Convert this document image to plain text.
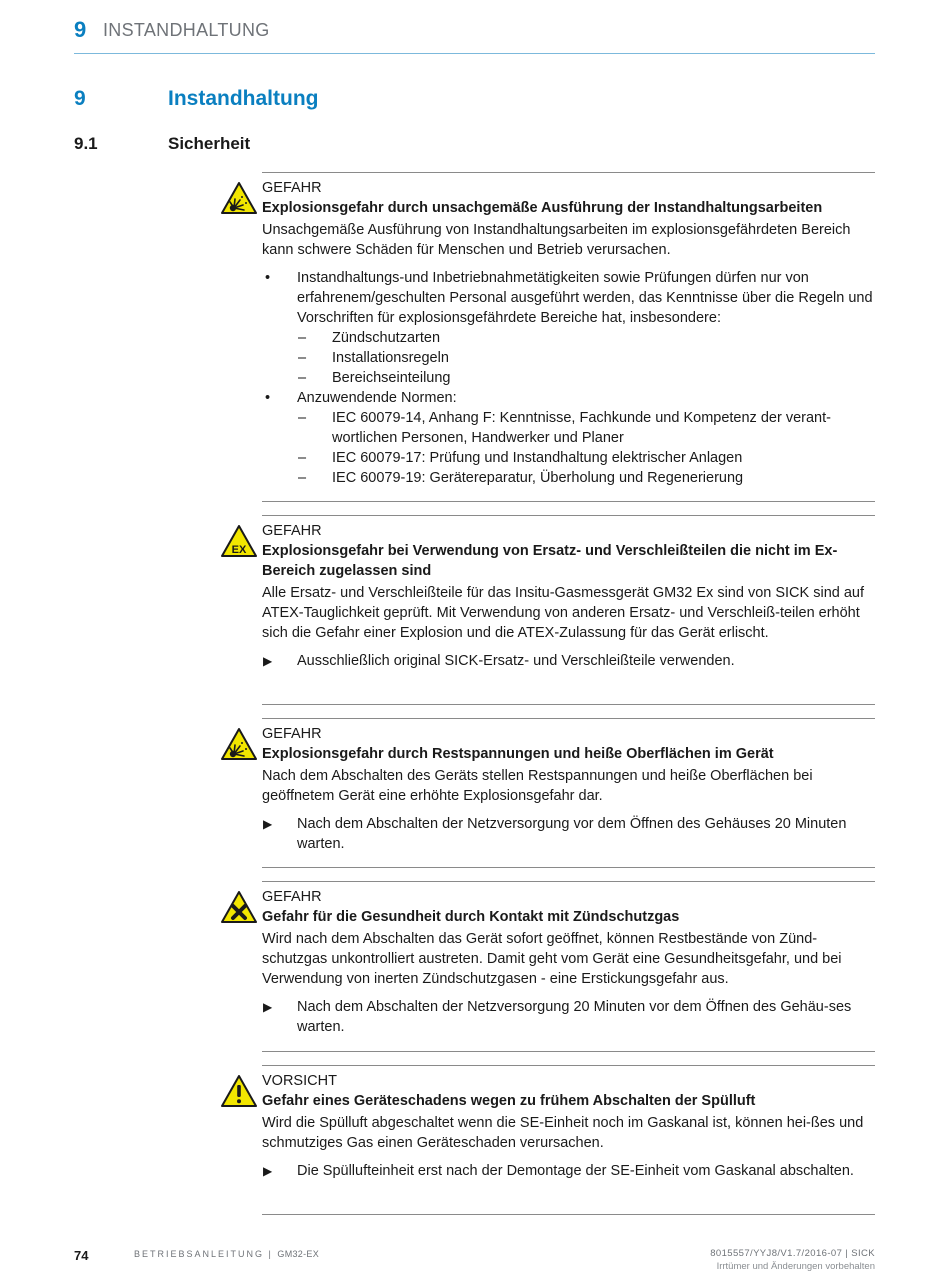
9 INSTANDHALTUNG
9	Instandhaltung
9.1	Sicherheit
GEFAHR
Explosionsgefahr durch unsachgemäße Ausführung der Instandhaltungsarbeiten
Unsachgemäße Ausführung von Instandhaltungsarbeiten im explosionsgefährdeten Bereich kann schwere Schäden für Menschen und Betrieb verursachen.
• Instandhaltungs-und Inbetriebnahmetätigkeiten sowie Prüfungen dürfen nur von erfahrenem/geschulten Personal ausgeführt werden, das Kenntnisse über die Regeln und Vorschriften für explosionsgefährdete Bereiche hat, insbesondere:
– Zündschutzarten
– Installationsregeln
– Bereichseinteilung
• Anzuwendende Normen:
– IEC 60079-14, Anhang F: Kenntnisse, Fachkunde und Kompetenz der verant-wortlichen Personen, Handwerker und Planer
– IEC 60079-17: Prüfung und Instandhaltung elektrischer Anlagen
– IEC 60079-19: Gerätereparatur, Überholung und Regenerierung
EX
GEFAHR
Explosionsgefahr bei Verwendung von Ersatz- und Verschleißteilen die nicht im Ex-Bereich zugelassen sind
Alle Ersatz- und Verschleißteile für das Insitu-Gasmessgerät GM32 Ex sind von SICK sind auf ATEX-Tauglichkeit geprüft. Mit Verwendung von anderen Ersatz- und Verschleiß-teilen erhöht sich die Gefahr einer Explosion und die ATEX-Zulassung für das Gerät erlischt.
▶ Ausschließlich original SICK-Ersatz- und Verschleißteile verwenden.
GEFAHR
Explosionsgefahr durch Restspannungen und heiße Oberflächen im Gerät
Nach dem Abschalten des Geräts stellen Restspannungen und heiße Oberflächen bei geöffnetem Gerät eine erhöhte Explosionsgefahr dar.
▶ Nach dem Abschalten der Netzversorgung vor dem Öffnen des Gehäuses 20 Minuten warten.
GEFAHR
Gefahr für die Gesundheit durch Kontakt mit Zündschutzgas
Wird nach dem Abschalten das Gerät sofort geöffnet, können Restbestände von Zünd-schutzgas unkontrolliert austreten. Damit geht vom Gerät eine Gesundheitsgefahr, und bei Verwendung von inerten Zündschutzgasen - eine Erstickungsgefahr aus.
▶ Nach dem Abschalten der Netzversorgung 20 Minuten vor dem Öffnen des Gehäu-ses warten.
VORSICHT
Gefahr eines Geräteschadens wegen zu frühem Abschalten der Spülluft
Wird die Spülluft abgeschaltet wenn die SE-Einheit noch im Gaskanal ist, können hei-ßes und schmutziges Gas einen Geräteschaden verursachen.
▶ Die Spüllufteinheit erst nach der Demontage der SE-Einheit vom Gaskanal abschalten.
74	BETRIEBSANLEITUNG | GM32-EX	8015557/YYJ8/V1.7/2016-07 | SICK
Irrtümer und Änderungen vorbehalten
